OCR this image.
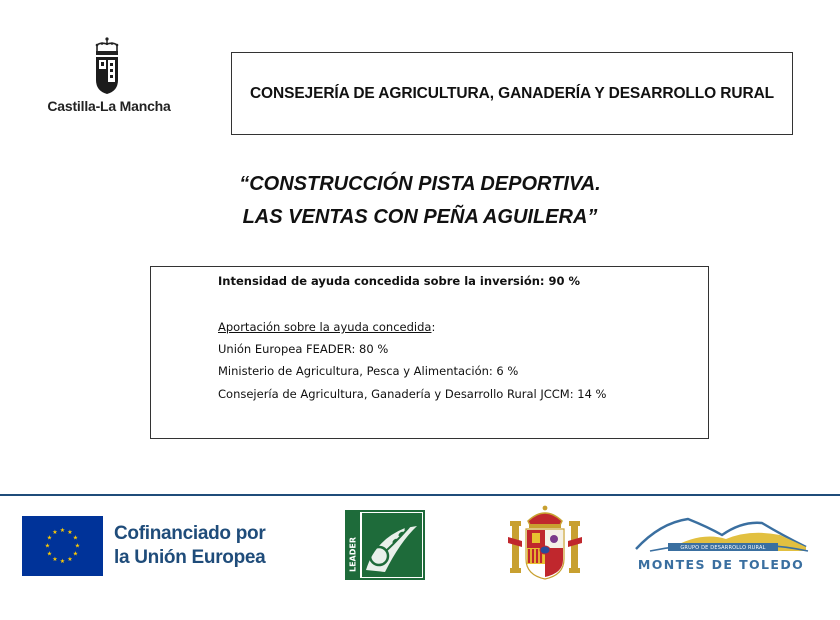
Castilla-La Mancha
CONSEJERÍA DE AGRICULTURA, GANADERÍA Y DESARROLLO RURAL
“CONSTRUCCIÓN PISTA DEPORTIVA.
LAS VENTAS CON PEÑA AGUILERA”
Intensidad de ayuda concedida sobre la inversión: 90 %
Aportación sobre la ayuda concedida:
Unión Europea FEADER: 80 %
Ministerio de Agricultura, Pesca y Alimentación: 6 %
Consejería de Agricultura, Ganadería y Desarrollo Rural JCCM: 14 %
★ ★
★
★
★
★
★
★
★
★
★
★	Cofinanciado por
la Unión Europea	LEADER	GRUPO DE DESARROLLO RURAL
MONTES DE TOLEDO
